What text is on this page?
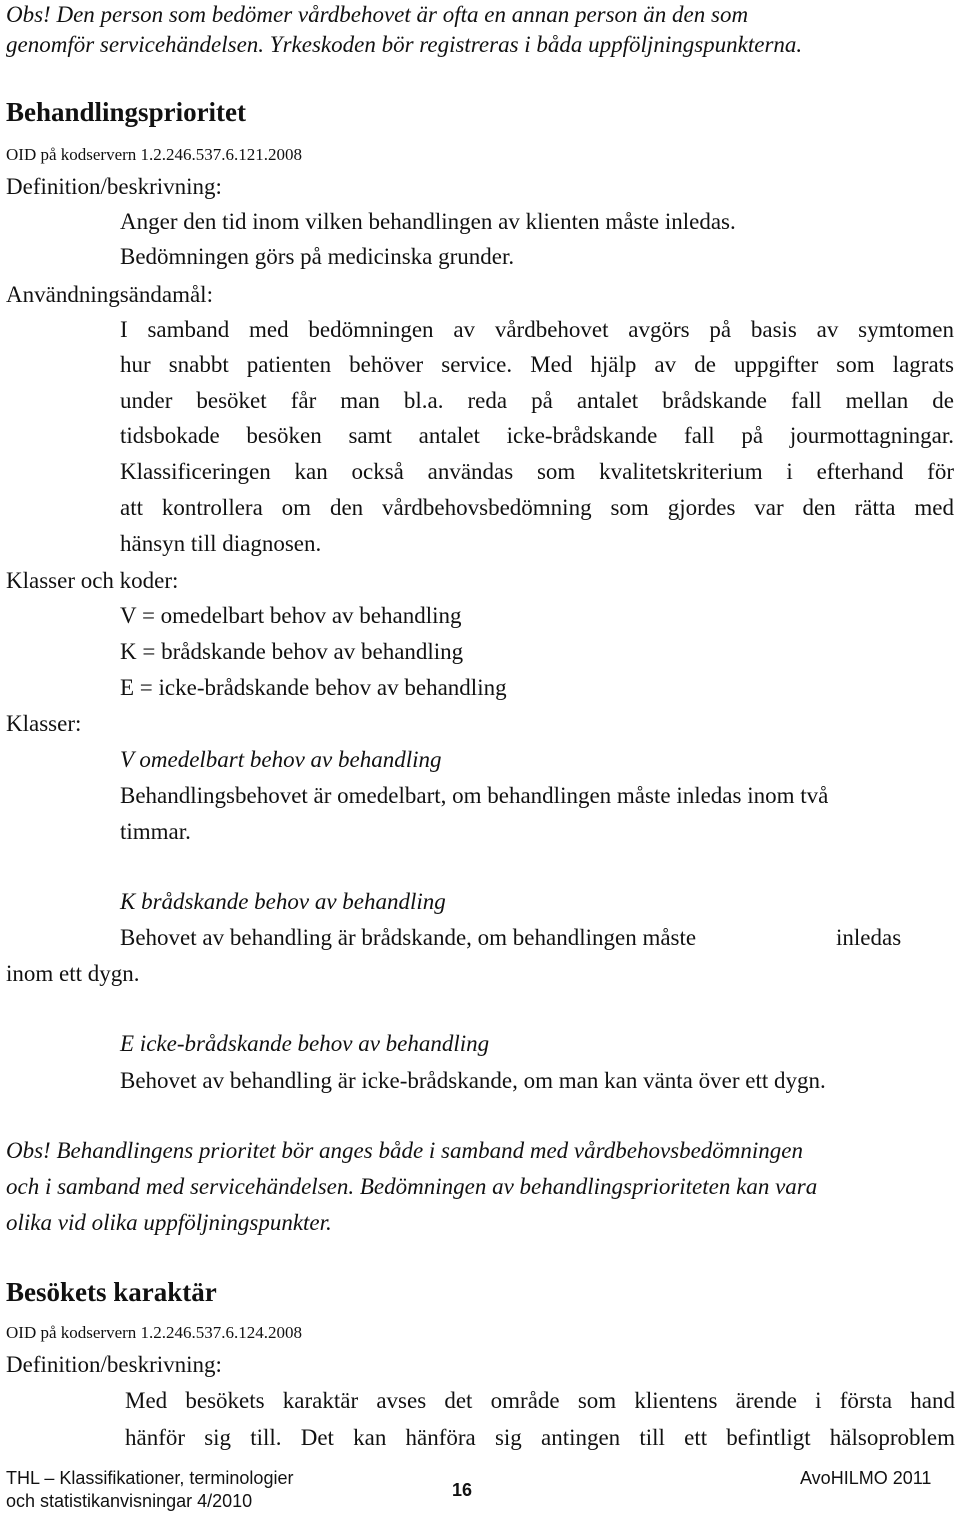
Obs! Den person som bedömer vårdbehovet är ofta en annan person än den som
genomför servicehändelsen. Yrkeskoden bör registreras i båda uppföljningspunkterna.
Behandlingsprioritet
OID på kodservern 1.2.246.537.6.121.2008
Definition/beskrivning:
Anger den tid inom vilken behandlingen av klienten måste inledas.
Bedömningen görs på medicinska grunder.
Användningsändamål:
I samband med bedömningen av vårdbehovet avgörs på basis av symtomen
hur snabbt patienten behöver service. Med hjälp av de uppgifter som lagrats
under besöket får man bl.a. reda på antalet brådskande fall mellan de
tidsbokade besöken samt antalet icke-brådskande fall på jourmottagningar.
Klassificeringen kan också användas som kvalitetskriterium i efterhand för
att kontrollera om den vårdbehovsbedömning som gjordes var den rätta med
hänsyn till diagnosen.
Klasser och koder:
V = omedelbart behov av behandling
K = brådskande behov av behandling
E = icke-brådskande behov av behandling
Klasser:
V omedelbart behov av behandling
Behandlingsbehovet är omedelbart, om behandlingen måste inledas inom två
timmar.
K brådskande behov av behandling
Behovet av behandling är brådskande, om behandlingen måste	inledas
inom ett dygn.
E icke-brådskande behov av behandling
Behovet av behandling är icke-brådskande, om man kan vänta över ett dygn.
Obs! Behandlingens prioritet bör anges både i samband med vårdbehovsbedömningen
och i samband med servicehändelsen. Bedömningen av behandlingsprioriteten kan vara
olika vid olika uppföljningspunkter.
Besökets karaktär
OID på kodservern 1.2.246.537.6.124.2008
Definition/beskrivning:
Med besökets karaktär avses det område som klientens ärende i första hand
hänför sig till. Det kan hänföra sig antingen till ett befintligt hälsoproblem
THL – Klassifikationer, terminologier
och statistikanvisningar 4/2010
16
AvoHILMO 2011
